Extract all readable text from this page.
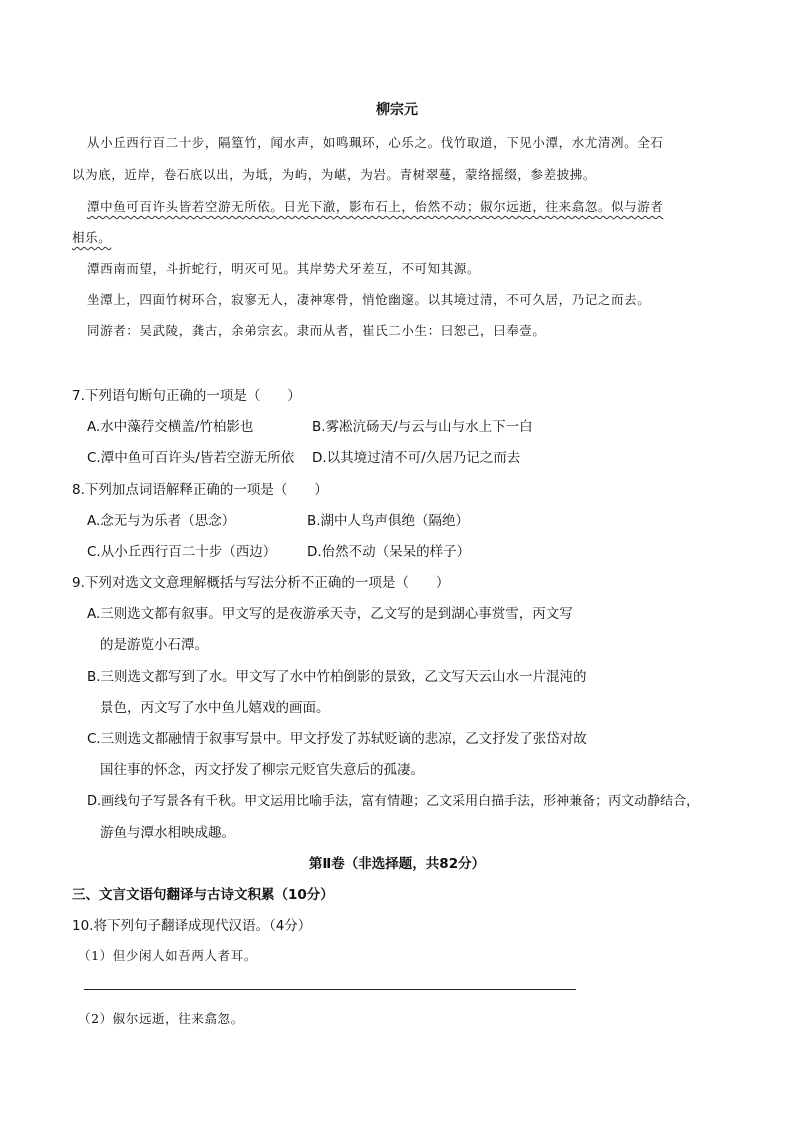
柳宗元
从小丘西行百二十步，隔篁竹，闻水声，如鸣珮环，心乐之。伐竹取道，下见小潭，水尤清冽。全石
以为底，近岸，卷石底以出，为坻，为屿，为嵁，为岩。青树翠蔓，蒙络摇缀，参差披拂。
潭中鱼可百许头皆若空游无所依。日光下澈，影布石上，佁然不动；俶尔远逝，往来翕忽。似与游者
相乐。
潭西南而望，斗折蛇行，明灭可见。其岸势犬牙差互，不可知其源。
坐潭上，四面竹树环合，寂寥无人，凄神寒骨，悄怆幽邃。以其境过清，不可久居，乃记之而去。
同游者：吴武陵，龚古，余弟宗玄。隶而从者，崔氏二小生：曰恕己，曰奉壹。
7.下列语句断句正确的一项是（　　）
A.水中藻荇交横盖/竹柏影也	B.雾凇沆砀天/与云与山与水上下一白
C.潭中鱼可百许头/皆若空游无所依 D.以其境过清不可/久居乃记之而去
8.下列加点词语解释正确的一项是（　　）
A.念无与为乐者（思念）	B.湖中人鸟声俱绝（隔绝）
C.从小丘西行百二十步（西边） D.佁然不动（呆呆的样子）
9.下列对选文文意理解概括与写法分析不正确的一项是（　　）
A.三则选文都有叙事。甲文写的是夜游承天寺，乙文写的是到湖心事赏雪，丙文写
的是游览小石潭。
B.三则选文都写到了水。甲文写了水中竹柏倒影的景致，乙文写天云山水一片混沌的
景色，丙文写了水中鱼儿嬉戏的画面。
C.三则选文都融情于叙事写景中。甲文抒发了苏轼贬谪的悲凉，乙文抒发了张岱对故
国往事的怀念，丙文抒发了柳宗元贬官失意后的孤凄。
D.画线句子写景各有千秋。甲文运用比喻手法，富有情趣；乙文采用白描手法，形神兼备；丙文动静结合，
游鱼与潭水相映成趣。
第Ⅱ卷（非选择题，共82分）
三、文言文语句翻译与古诗文积累（10分）
10.将下列句子翻译成现代汉语。（4分）
（1）但少闲人如吾两人者耳。
（2）俶尔远逝，往来翕忽。
